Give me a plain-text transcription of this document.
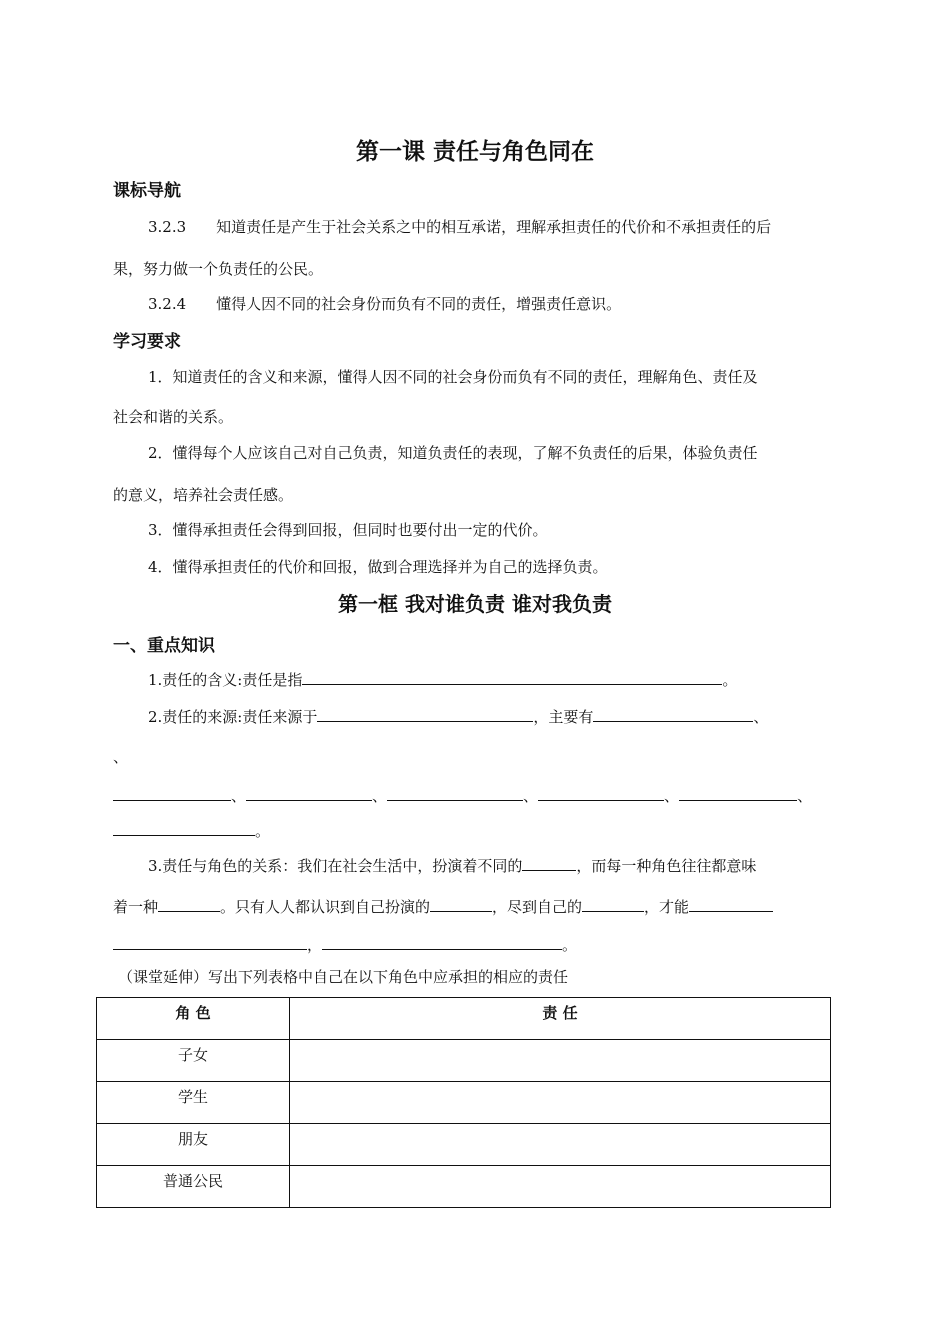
第一课 责任与角色同在
课标导航
3.2.3 知道责任是产生于社会关系之中的相互承诺，理解承担责任的代价和不承担责任的后
果，努力做一个负责任的公民。
3.2.4 懂得人因不同的社会身份而负有不同的责任，增强责任意识。
学习要求
1．知道责任的含义和来源，懂得人因不同的社会身份而负有不同的责任，理解角色、责任及
社会和谐的关系。
2．懂得每个人应该自己对自己负责，知道负责任的表现，了解不负责任的后果，体验负责任
的意义，培养社会责任感。
3．懂得承担责任会得到回报，但同时也要付出一定的代价。
4．懂得承担责任的代价和回报，做到合理选择并为自己的选择负责。
第一框 我对谁负责 谁对我负责
一、重点知识
1.责任的含义:责任是指	。
2.责任的来源:责任来源于	，主要有	、
、
、	、	、	、	、
。
3.责任与角色的关系：我们在社会生活中，扮演着不同的	，而每一种角色往往都意味
着一种	。只有人人都认识到自己扮演的	，尽到自己的	，才能
，	。
（课堂延伸）写出下列表格中自己在以下角色中应承担的相应的责任
角 色	责 任
子女	
学生	
朋友	
普通公民	
